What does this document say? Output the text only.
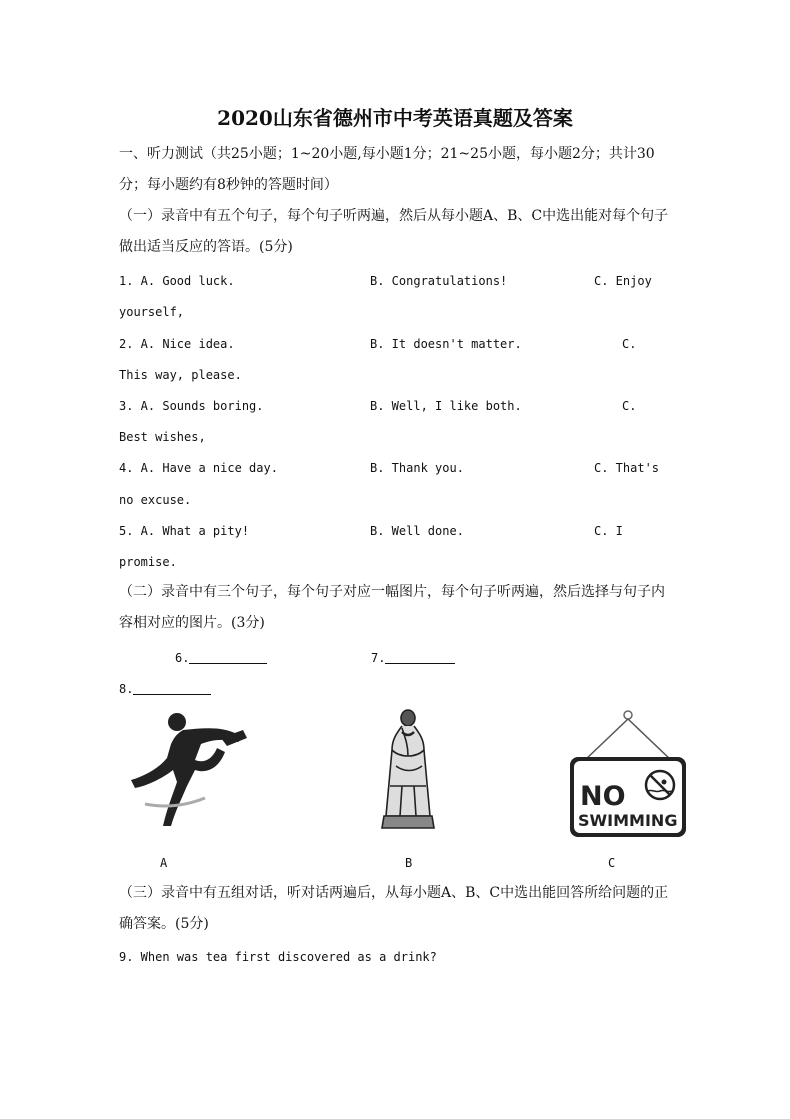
2020山东省德州市中考英语真题及答案
一、听力测试（共25小题；1~20小题,每小题1分；21~25小题，每小题2分；共计30
分；每小题约有8秒钟的答题时间）
（一）录音中有五个句子，每个句子听两遍，然后从每小题A、B、C中选出能对每个句子
做出适当反应的答语。(5分)
1. A. Good luck.	B. Congratulations!	C. Enjoy
yourself,
2. A. Nice idea.	B. It doesn't matter.	C.
This way, please.
3. A. Sounds boring.	B. Well, I like both.	C.
Best wishes,
4. A. Have a nice day.	B. Thank you.	C. That's
no excuse.
5. A. What a pity!	B. Well done.	C. I
promise.
（二）录音中有三个句子，每个句子对应一幅图片，每个句子听两遍，然后选择与句子内
容相对应的图片。(3分)
6.	7.
8.
A	B
NO
SWIMMING
C
（三）录音中有五组对话，听对话两遍后，从每小题A、B、C中选出能回答所给问题的正
确答案。(5分)
9. When was tea first discovered as a drink?
